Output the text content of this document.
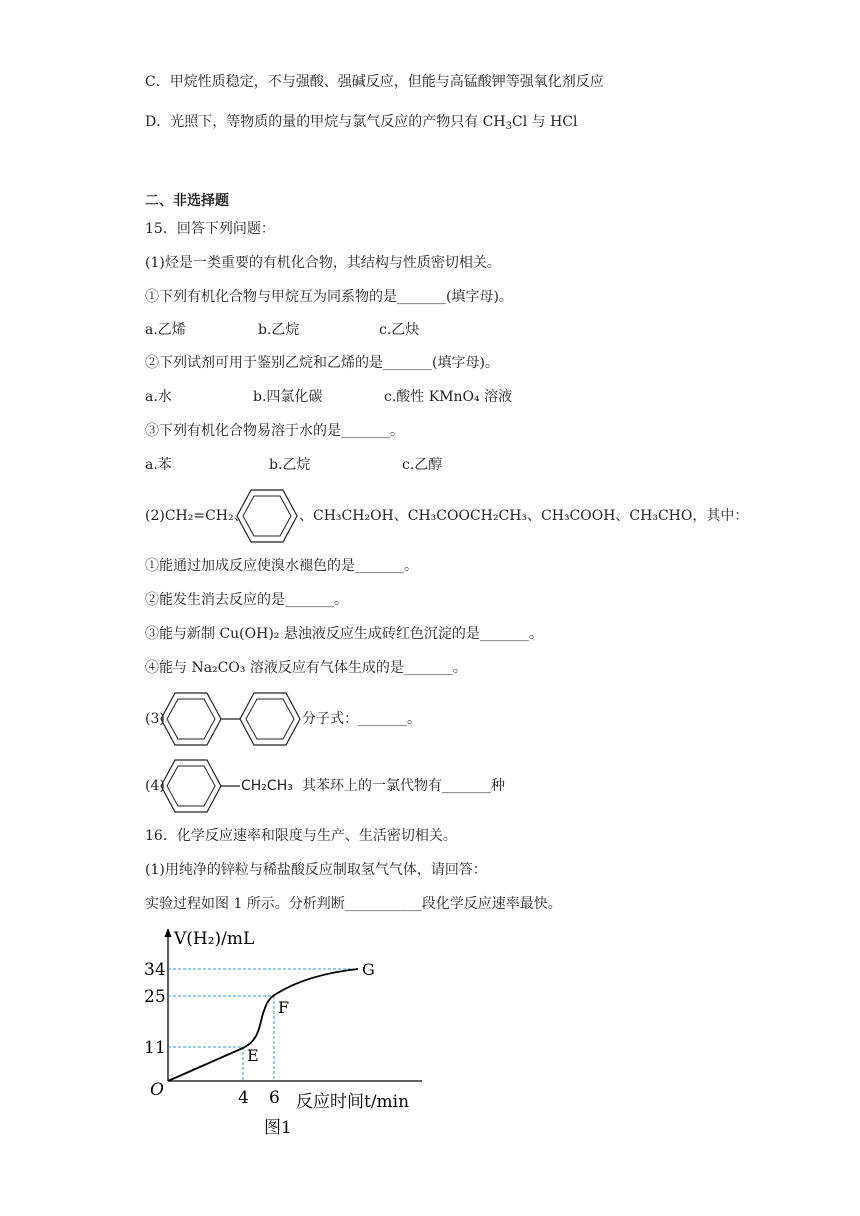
C．甲烷性质稳定，不与强酸、强碱反应，但能与高锰酸钾等强氧化剂反应
D．光照下，等物质的量的甲烷与氯气反应的产物只有 $CH_3Cl$ 与 HCl
二、非选择题
15．回答下列问题：
(1)烃是一类重要的有机化合物，其结构与性质密切相关。
①下列有机化合物与甲烷互为同系物的是_______(填字母)。
a.乙烯	b.乙烷	c.乙炔
②下列试剂可用于鉴别乙烷和乙烯的是_______(填字母)。
a.水	b.四氯化碳	c.酸性 KMnO₄ 溶液
③下列有机化合物易溶于水的是_______。
a.苯	b.乙烷	c.乙醇
(2)CH₂=CH₂、	、CH₃CH₂OH、CH₃COOCH₂CH₃、CH₃COOH、CH₃CHO，其中：
①能通过加成反应使溴水褪色的是_______。
②能发生消去反应的是_______。
③能与新制 Cu(OH)₂ 悬浊液反应生成砖红色沉淀的是_______。
④能与 Na₂CO₃ 溶液反应有气体生成的是_______。
(3)	分子式：_______。
(4)	CH₂CH₃ 其苯环上的一氯代物有_______种
16．化学反应速率和限度与生产、生活密切相关。
(1)用纯净的锌粒与稀盐酸反应制取氢气气体，请回答：
实验过程如图 1 所示。分析判断___________段化学反应速率最快。
V(H₂)/mL
34
25
11
O	4 6 反应时间t/min
E
F
G
图1
